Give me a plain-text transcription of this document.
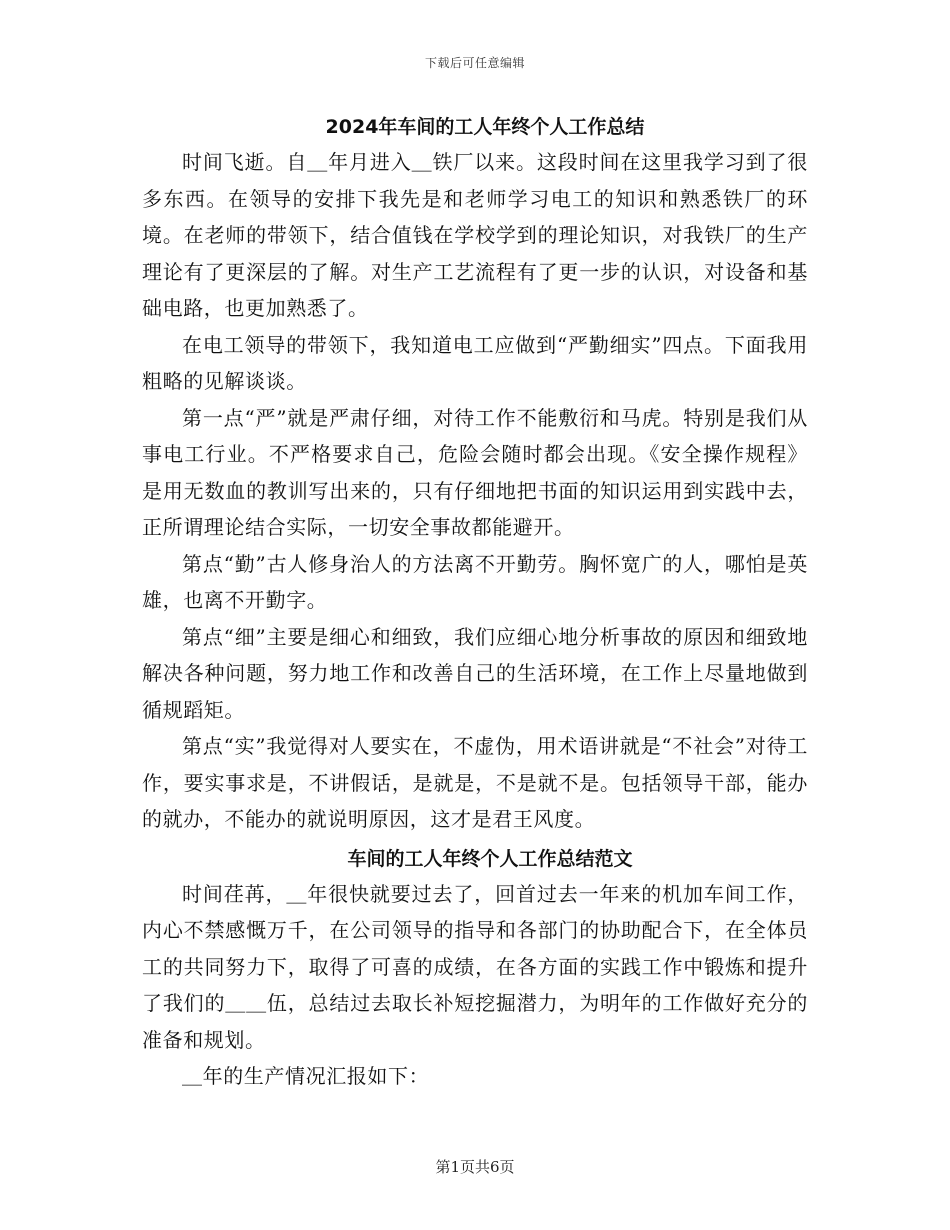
下载后可任意编辑
2024年车间的工人年终个人工作总结

时间飞逝。自＿年月进入＿铁厂以来。这段时间在这里我学习到了很多东西。在领导的安排下我先是和老师学习电工的知识和熟悉铁厂的环境。在老师的带领下，结合值钱在学校学到的理论知识，对我铁厂的生产理论有了更深层的了解。对生产工艺流程有了更一步的认识，对设备和基础电路，也更加熟悉了。

在电工领导的带领下，我知道电工应做到“严勤细实”四点。下面我用粗略的见解谈谈。

第一点“严”就是严肃仔细，对待工作不能敷衍和马虎。特别是我们从事电工行业。不严格要求自己，危险会随时都会出现。《安全操作规程》是用无数血的教训写出来的，只有仔细地把书面的知识运用到实践中去，正所谓理论结合实际，一切安全事故都能避开。

第点“勤”古人修身治人的方法离不开勤劳。胸怀宽广的人，哪怕是英雄，也离不开勤字。

第点“细”主要是细心和细致，我们应细心地分析事故的原因和细致地解决各种问题，努力地工作和改善自己的生活环境，在工作上尽量地做到循规蹈矩。

第点“实”我觉得对人要实在，不虚伪，用术语讲就是“不社会”对待工作，要实事求是，不讲假话，是就是，不是就不是。包括领导干部，能办的就办，不能办的就说明原因，这才是君王风度。

车间的工人年终个人工作总结范文

时间荏苒，＿年很快就要过去了，回首过去一年来的机加车间工作，内心不禁感慨万千，在公司领导的指导和各部门的协助配合下，在全体员工的共同努力下，取得了可喜的成绩，在各方面的实践工作中锻炼和提升了我们的＿＿伍，总结过去取长补短挖掘潜力，为明年的工作做好充分的准备和规划。

＿年的生产情况汇报如下：

第1页共6页
